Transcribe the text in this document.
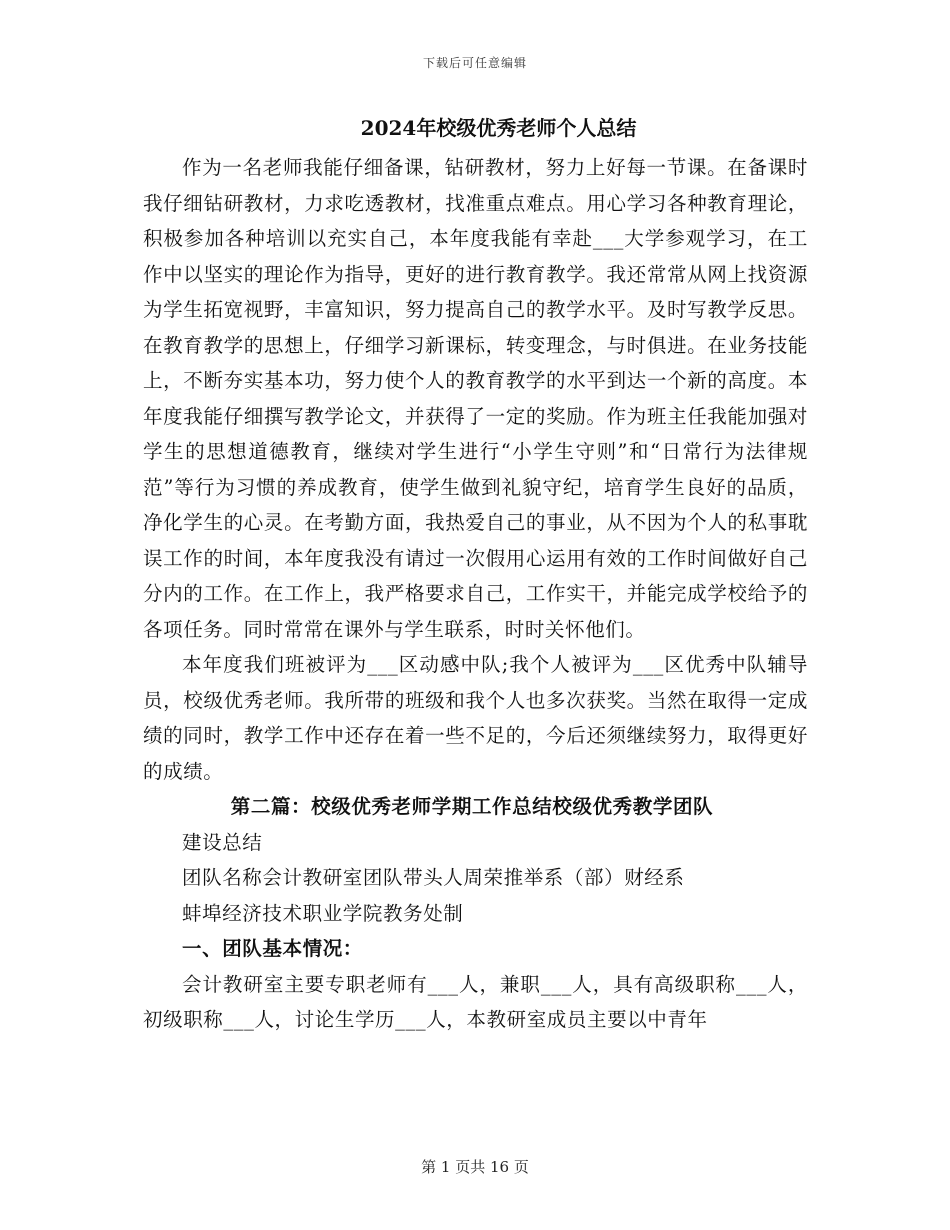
下载后可任意编辑
2024年校级优秀老师个人总结

作为一名老师我能仔细备课，钻研教材，努力上好每一节课。在备课时我仔细钻研教材，力求吃透教材，找准重点难点。用心学习各种教育理论，积极参加各种培训以充实自己，本年度我能有幸赴___大学参观学习，在工作中以坚实的理论作为指导，更好的进行教育教学。我还常常从网上找资源为学生拓宽视野，丰富知识，努力提高自己的教学水平。及时写教学反思。在教育教学的思想上，仔细学习新课标，转变理念，与时俱进。在业务技能上，不断夯实基本功，努力使个人的教育教学的水平到达一个新的高度。本年度我能仔细撰写教学论文，并获得了一定的奖励。作为班主任我能加强对学生的思想道德教育，继续对学生进行“小学生守则”和“日常行为法律规范”等行为习惯的养成教育，使学生做到礼貌守纪，培育学生良好的品质，净化学生的心灵。在考勤方面，我热爱自己的事业，从不因为个人的私事耽误工作的时间，本年度我没有请过一次假用心运用有效的工作时间做好自己分内的工作。在工作上，我严格要求自己，工作实干，并能完成学校给予的各项任务。同时常常在课外与学生联系，时时关怀他们。

本年度我们班被评为___区动感中队;我个人被评为___区优秀中队辅导员，校级优秀老师。我所带的班级和我个人也多次获奖。当然在取得一定成绩的同时，教学工作中还存在着一些不足的，今后还须继续努力，取得更好的成绩。

第二篇：校级优秀老师学期工作总结校级优秀教学团队

建设总结

团队名称会计教研室团队带头人周荣推举系（部）财经系

蚌埠经济技术职业学院教务处制

一、团队基本情况：

会计教研室主要专职老师有___人，兼职___人，具有高级职称___人，初级职称___人，讨论生学历___人，本教研室成员主要以中青年

第 1 页共 16 页
